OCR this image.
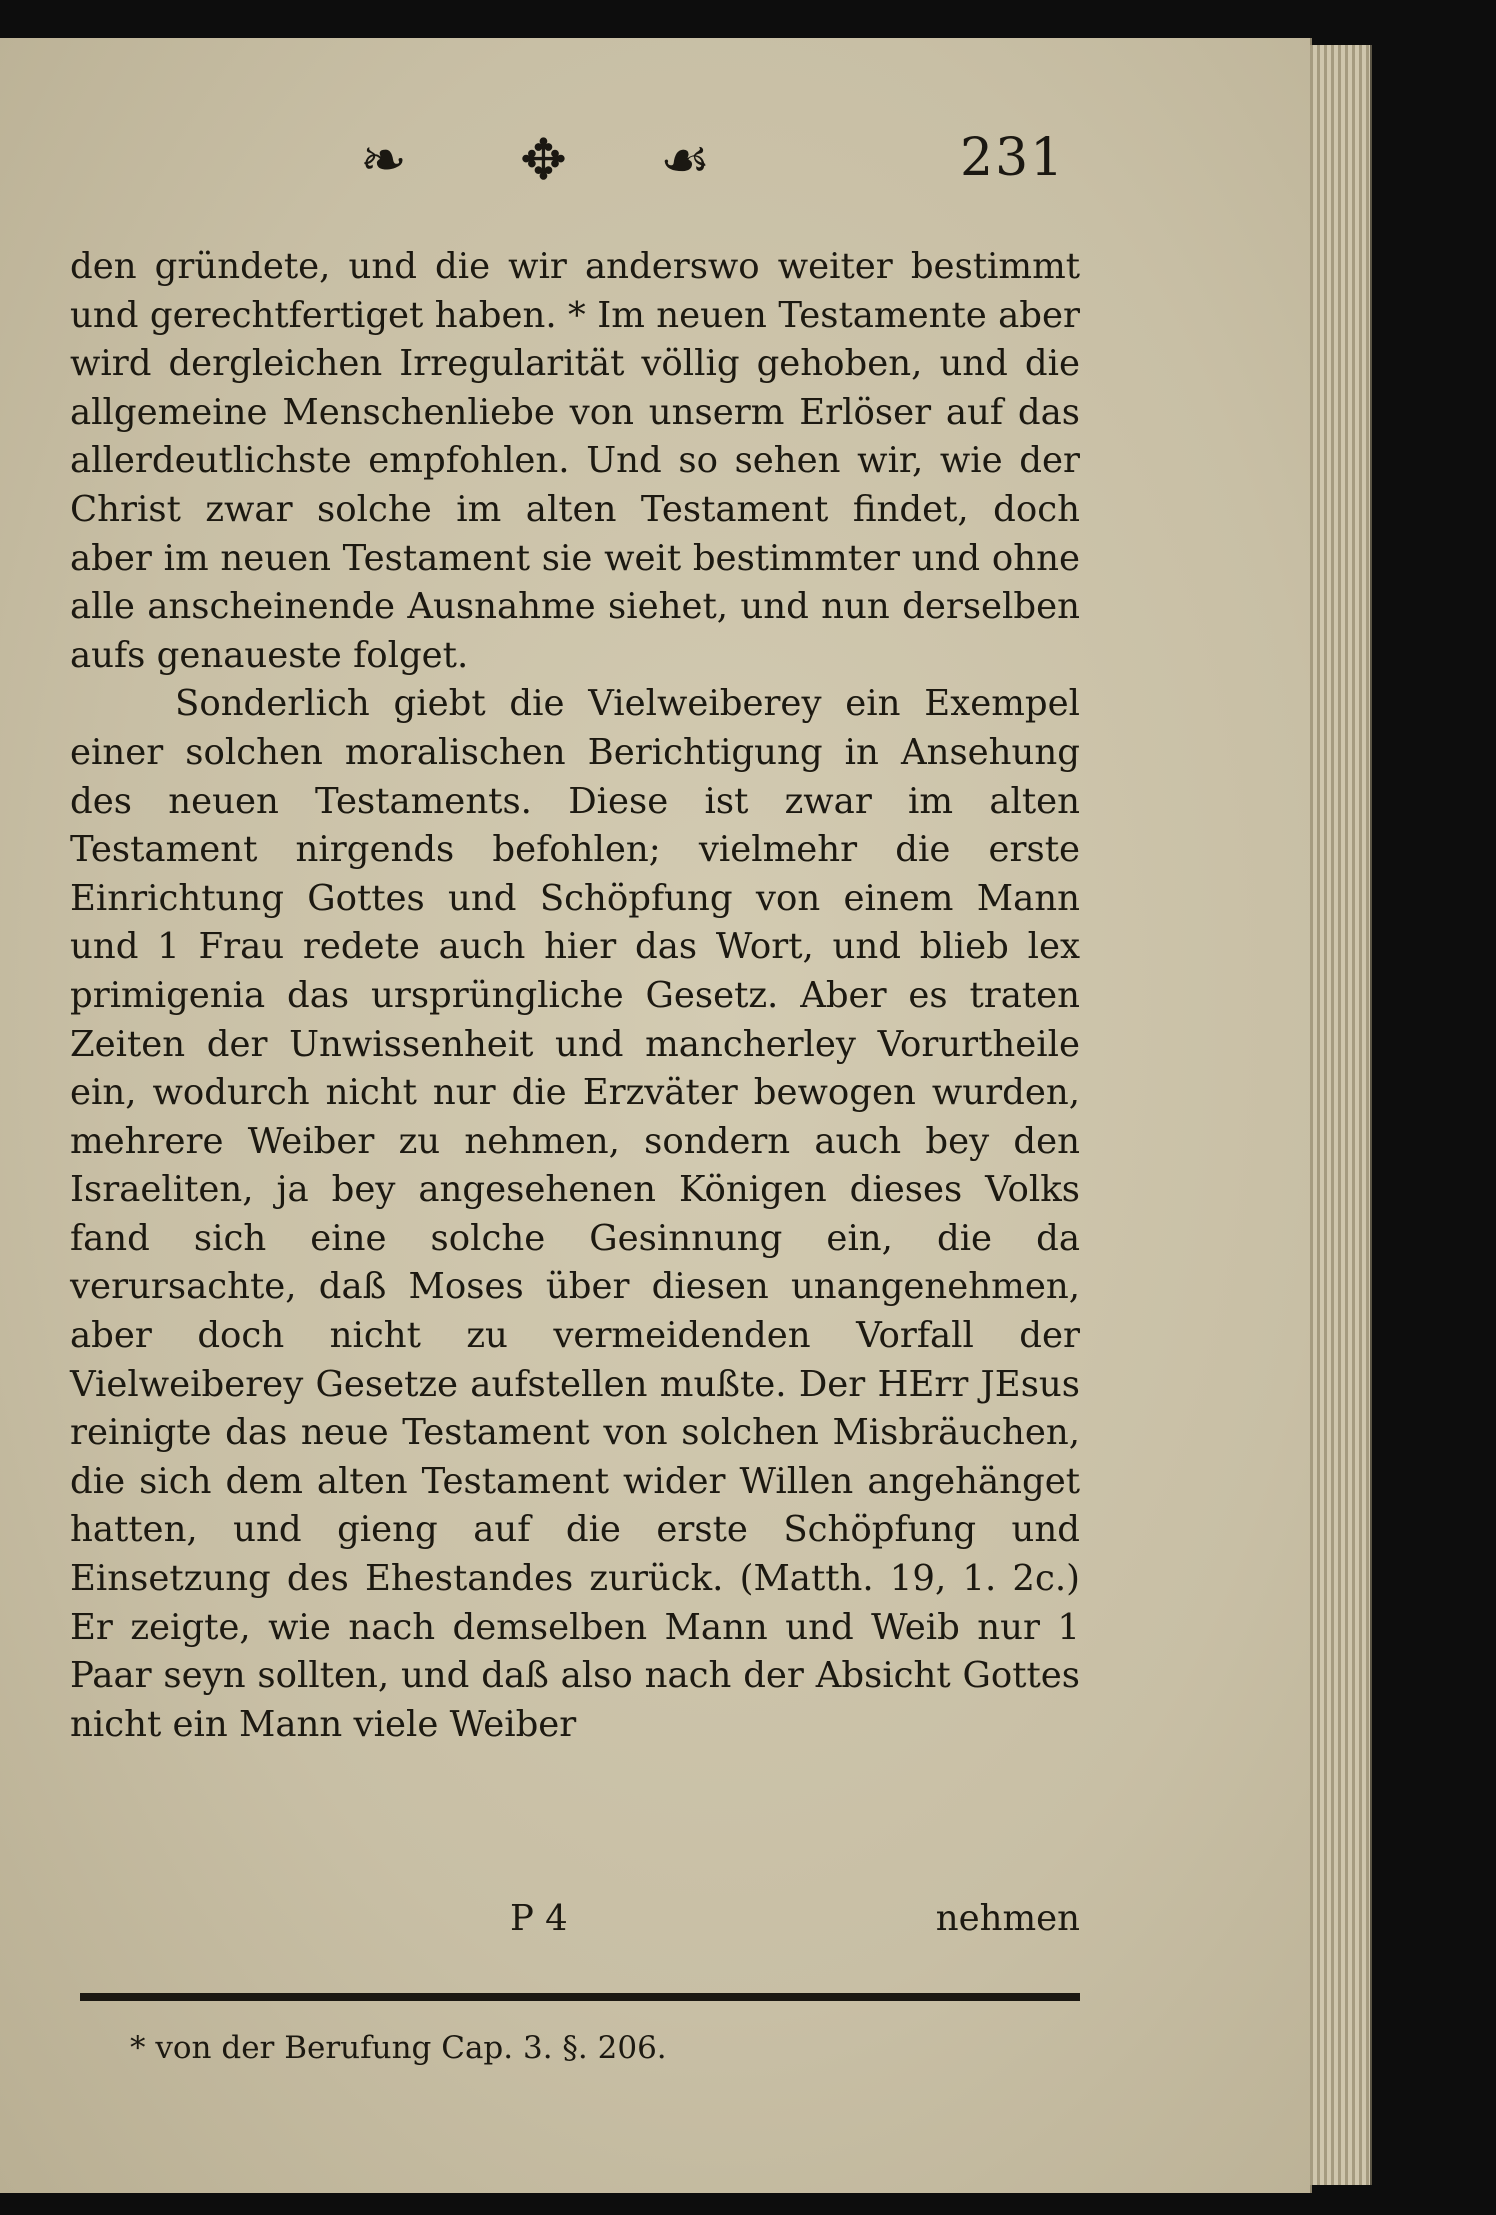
❧ ✥ ☙	231

den gründete, und die wir anderswo weiter bestimmt und gerechtfertiget haben. * Im neuen Testamente aber wird dergleichen Irregularität völlig gehoben, und die allgemeine Menschenliebe von unserm Erlöser auf das allerdeutlichste empfohlen. Und so sehen wir, wie der Christ zwar solche im alten Testament findet, doch aber im neuen Testament sie weit bestimmter und ohne alle anscheinende Ausnahme siehet, und nun derselben aufs genaueste folget.

Sonderlich giebt die Vielweiberey ein Exempel einer solchen moralischen Berichtigung in Ansehung des neuen Testaments. Diese ist zwar im alten Testament nirgends befohlen; vielmehr die erste Einrichtung Gottes und Schöpfung von einem Mann und 1 Frau redete auch hier das Wort, und blieb lex primigenia das ursprüngliche Gesetz. Aber es traten Zeiten der Unwissenheit und mancherley Vorurtheile ein, wodurch nicht nur die Erzväter bewogen wurden, mehrere Weiber zu nehmen, sondern auch bey den Israeliten, ja bey angesehenen Königen dieses Volks fand sich eine solche Gesinnung ein, die da verursachte, daß Moses über diesen unangenehmen, aber doch nicht zu vermeidenden Vorfall der Vielweiberey Gesetze aufstellen mußte. Der HErr JEsus reinigte das neue Testament von solchen Misbräuchen, die sich dem alten Testament wider Willen angehänget hatten, und gieng auf die erste Schöpfung und Einsetzung des Ehestandes zurück. (Matth. 19, 1. 2c.) Er zeigte, wie nach demselben Mann und Weib nur 1 Paar seyn sollten, und daß also nach der Absicht Gottes nicht ein Mann viele Weiber

P 4	nehmen
* von der Berufung Cap. 3. §. 206.
